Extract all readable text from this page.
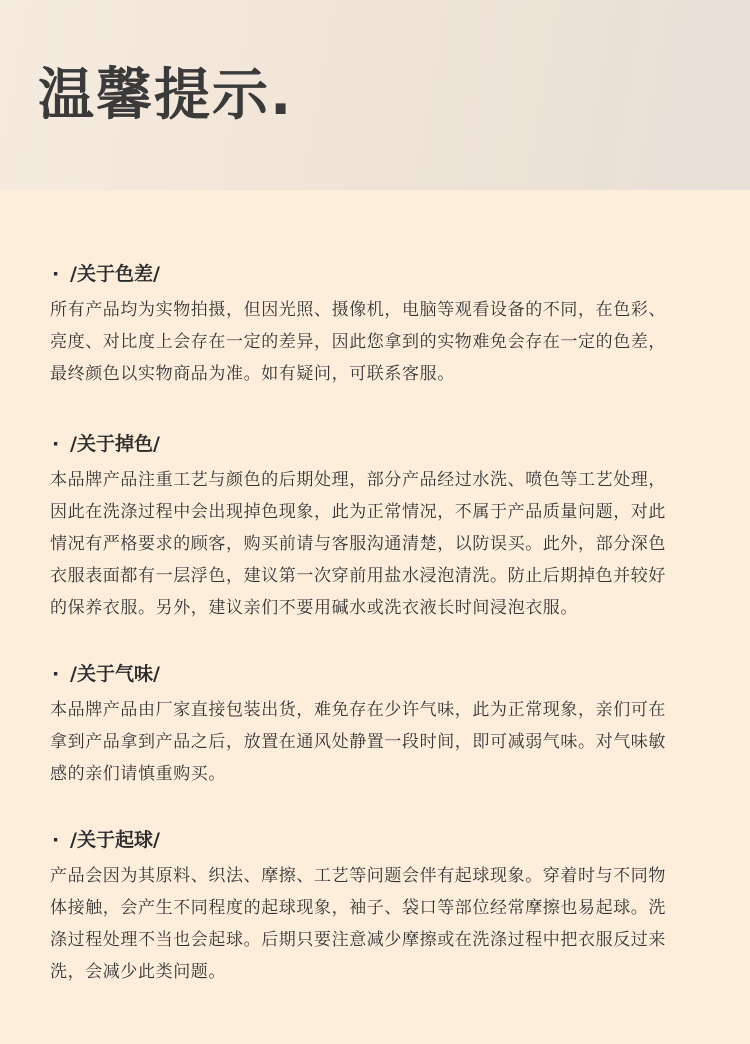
温馨提示.
· /关于色差/
所有产品均为实物拍摄，但因光照、摄像机，电脑等观看设备的不同，在色彩、
亮度、对比度上会存在一定的差异，因此您拿到的实物难免会存在一定的色差，
最终颜色以实物商品为准。如有疑问，可联系客服。
· /关于掉色/
本品牌产品注重工艺与颜色的后期处理，部分产品经过水洗、喷色等工艺处理，
因此在洗涤过程中会出现掉色现象，此为正常情况，不属于产品质量问题，对此
情况有严格要求的顾客，购买前请与客服沟通清楚，以防误买。此外，部分深色
衣服表面都有一层浮色，建议第一次穿前用盐水浸泡清洗。防止后期掉色并较好
的保养衣服。另外，建议亲们不要用碱水或洗衣液长时间浸泡衣服。
· /关于气味/
本品牌产品由厂家直接包装出货，难免存在少许气味，此为正常现象，亲们可在
拿到产品拿到产品之后，放置在通风处静置一段时间，即可减弱气味。对气味敏
感的亲们请慎重购买。
· /关于起球/
产品会因为其原料、织法、摩擦、工艺等问题会伴有起球现象。穿着时与不同物
体接触，会产生不同程度的起球现象，袖子、袋口等部位经常摩擦也易起球。洗
涤过程处理不当也会起球。后期只要注意减少摩擦或在洗涤过程中把衣服反过来
洗，会减少此类问题。
